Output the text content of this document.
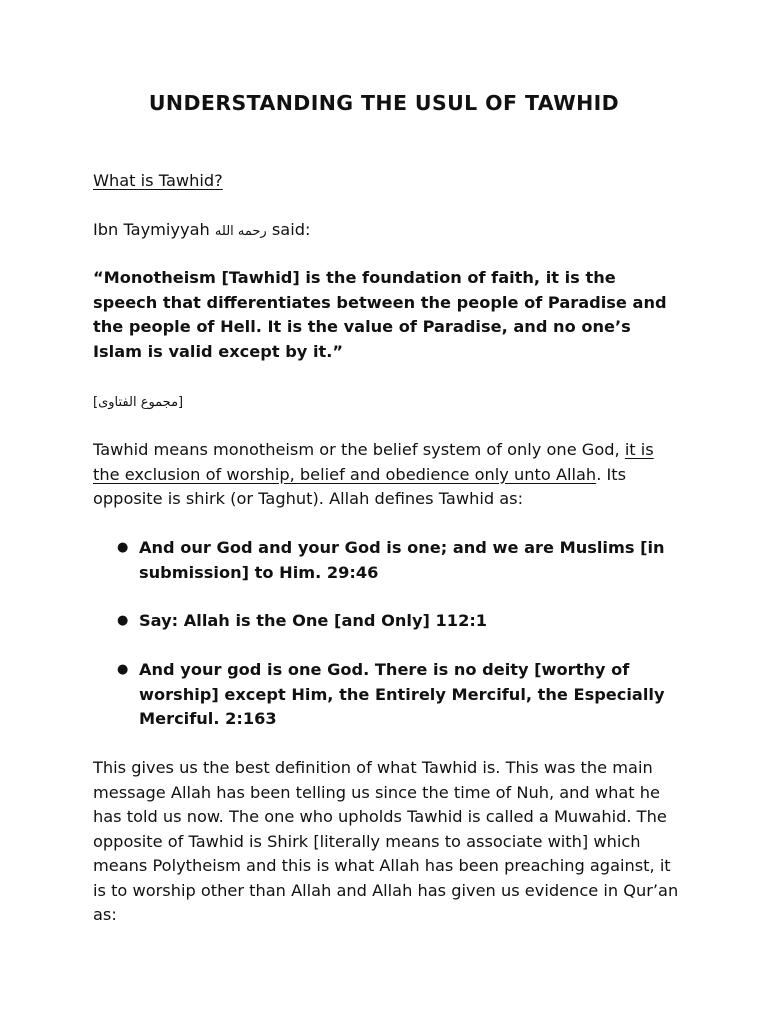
UNDERSTANDING THE USUL OF TAWHID

What is Tawhid?

Ibn Taymiyyah رحمه الله said:

“Monotheism [Tawhid] is the foundation of faith, it is the speech that differentiates between the people of Paradise and the people of Hell. It is the value of Paradise, and no one’s Islam is valid except by it.”

[مجموع الفتاوى]

Tawhid means monotheism or the belief system of only one God, it is the exclusion of worship, belief and obedience only unto Allah. Its opposite is shirk (or Taghut). Allah defines Tawhid as:

● And our God and your God is one; and we are Muslims [in submission] to Him. 29:46
● Say: Allah is the One [and Only] 112:1
● And your god is one God. There is no deity [worthy of worship] except Him, the Entirely Merciful, the Especially Merciful. 2:163

This gives us the best definition of what Tawhid is. This was the main message Allah has been telling us since the time of Nuh, and what he has told us now. The one who upholds Tawhid is called a Muwahid. The opposite of Tawhid is Shirk [literally means to associate with] which means Polytheism and this is what Allah has been preaching against, it is to worship other than Allah and Allah has given us evidence in Qur’an as:
